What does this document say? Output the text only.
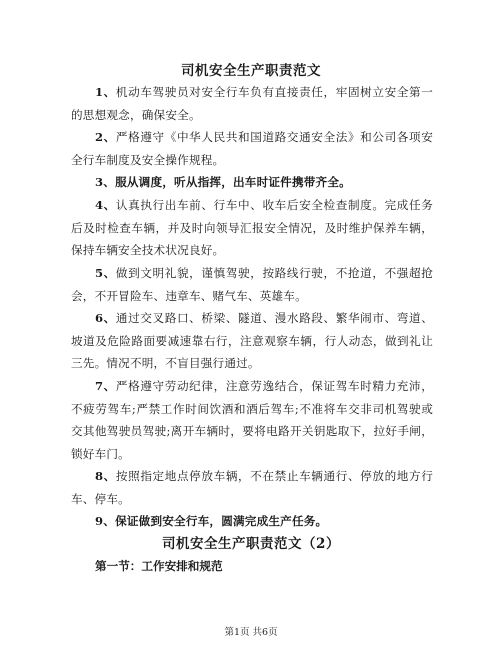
司机安全生产职责范文
1、机动车驾驶员对安全行车负有直接责任，牢固树立安全第一的思想观念，确保安全。
2、严格遵守《中华人民共和国道路交通安全法》和公司各项安全行车制度及安全操作规程。
3、服从调度，听从指挥，出车时证件携带齐全。
4、认真执行出车前、行车中、收车后安全检查制度。完成任务后及时检查车辆，并及时向领导汇报安全情况，及时维护保养车辆，保持车辆安全技术状况良好。
5、做到文明礼貌，谨慎驾驶，按路线行驶，不抢道，不强超抢会，不开冒险车、违章车、赌气车、英雄车。
6、通过交叉路口、桥梁、隧道、漫水路段、繁华闹市、弯道、坡道及危险路面要减速靠右行，注意观察车辆，行人动态，做到礼让三先。情况不明，不盲目强行通过。
7、严格遵守劳动纪律，注意劳逸结合，保证驾车时精力充沛，不疲劳驾车;严禁工作时间饮酒和酒后驾车;不准将车交非司机驾驶或交其他驾驶员驾驶;离开车辆时，要将电路开关钥匙取下，拉好手闸，锁好车门。
8、按照指定地点停放车辆，不在禁止车辆通行、停放的地方行车、停车。
9、保证做到安全行车，圆满完成生产任务。
司机安全生产职责范文（2）
第一节：工作安排和规范
第1页 共6页
